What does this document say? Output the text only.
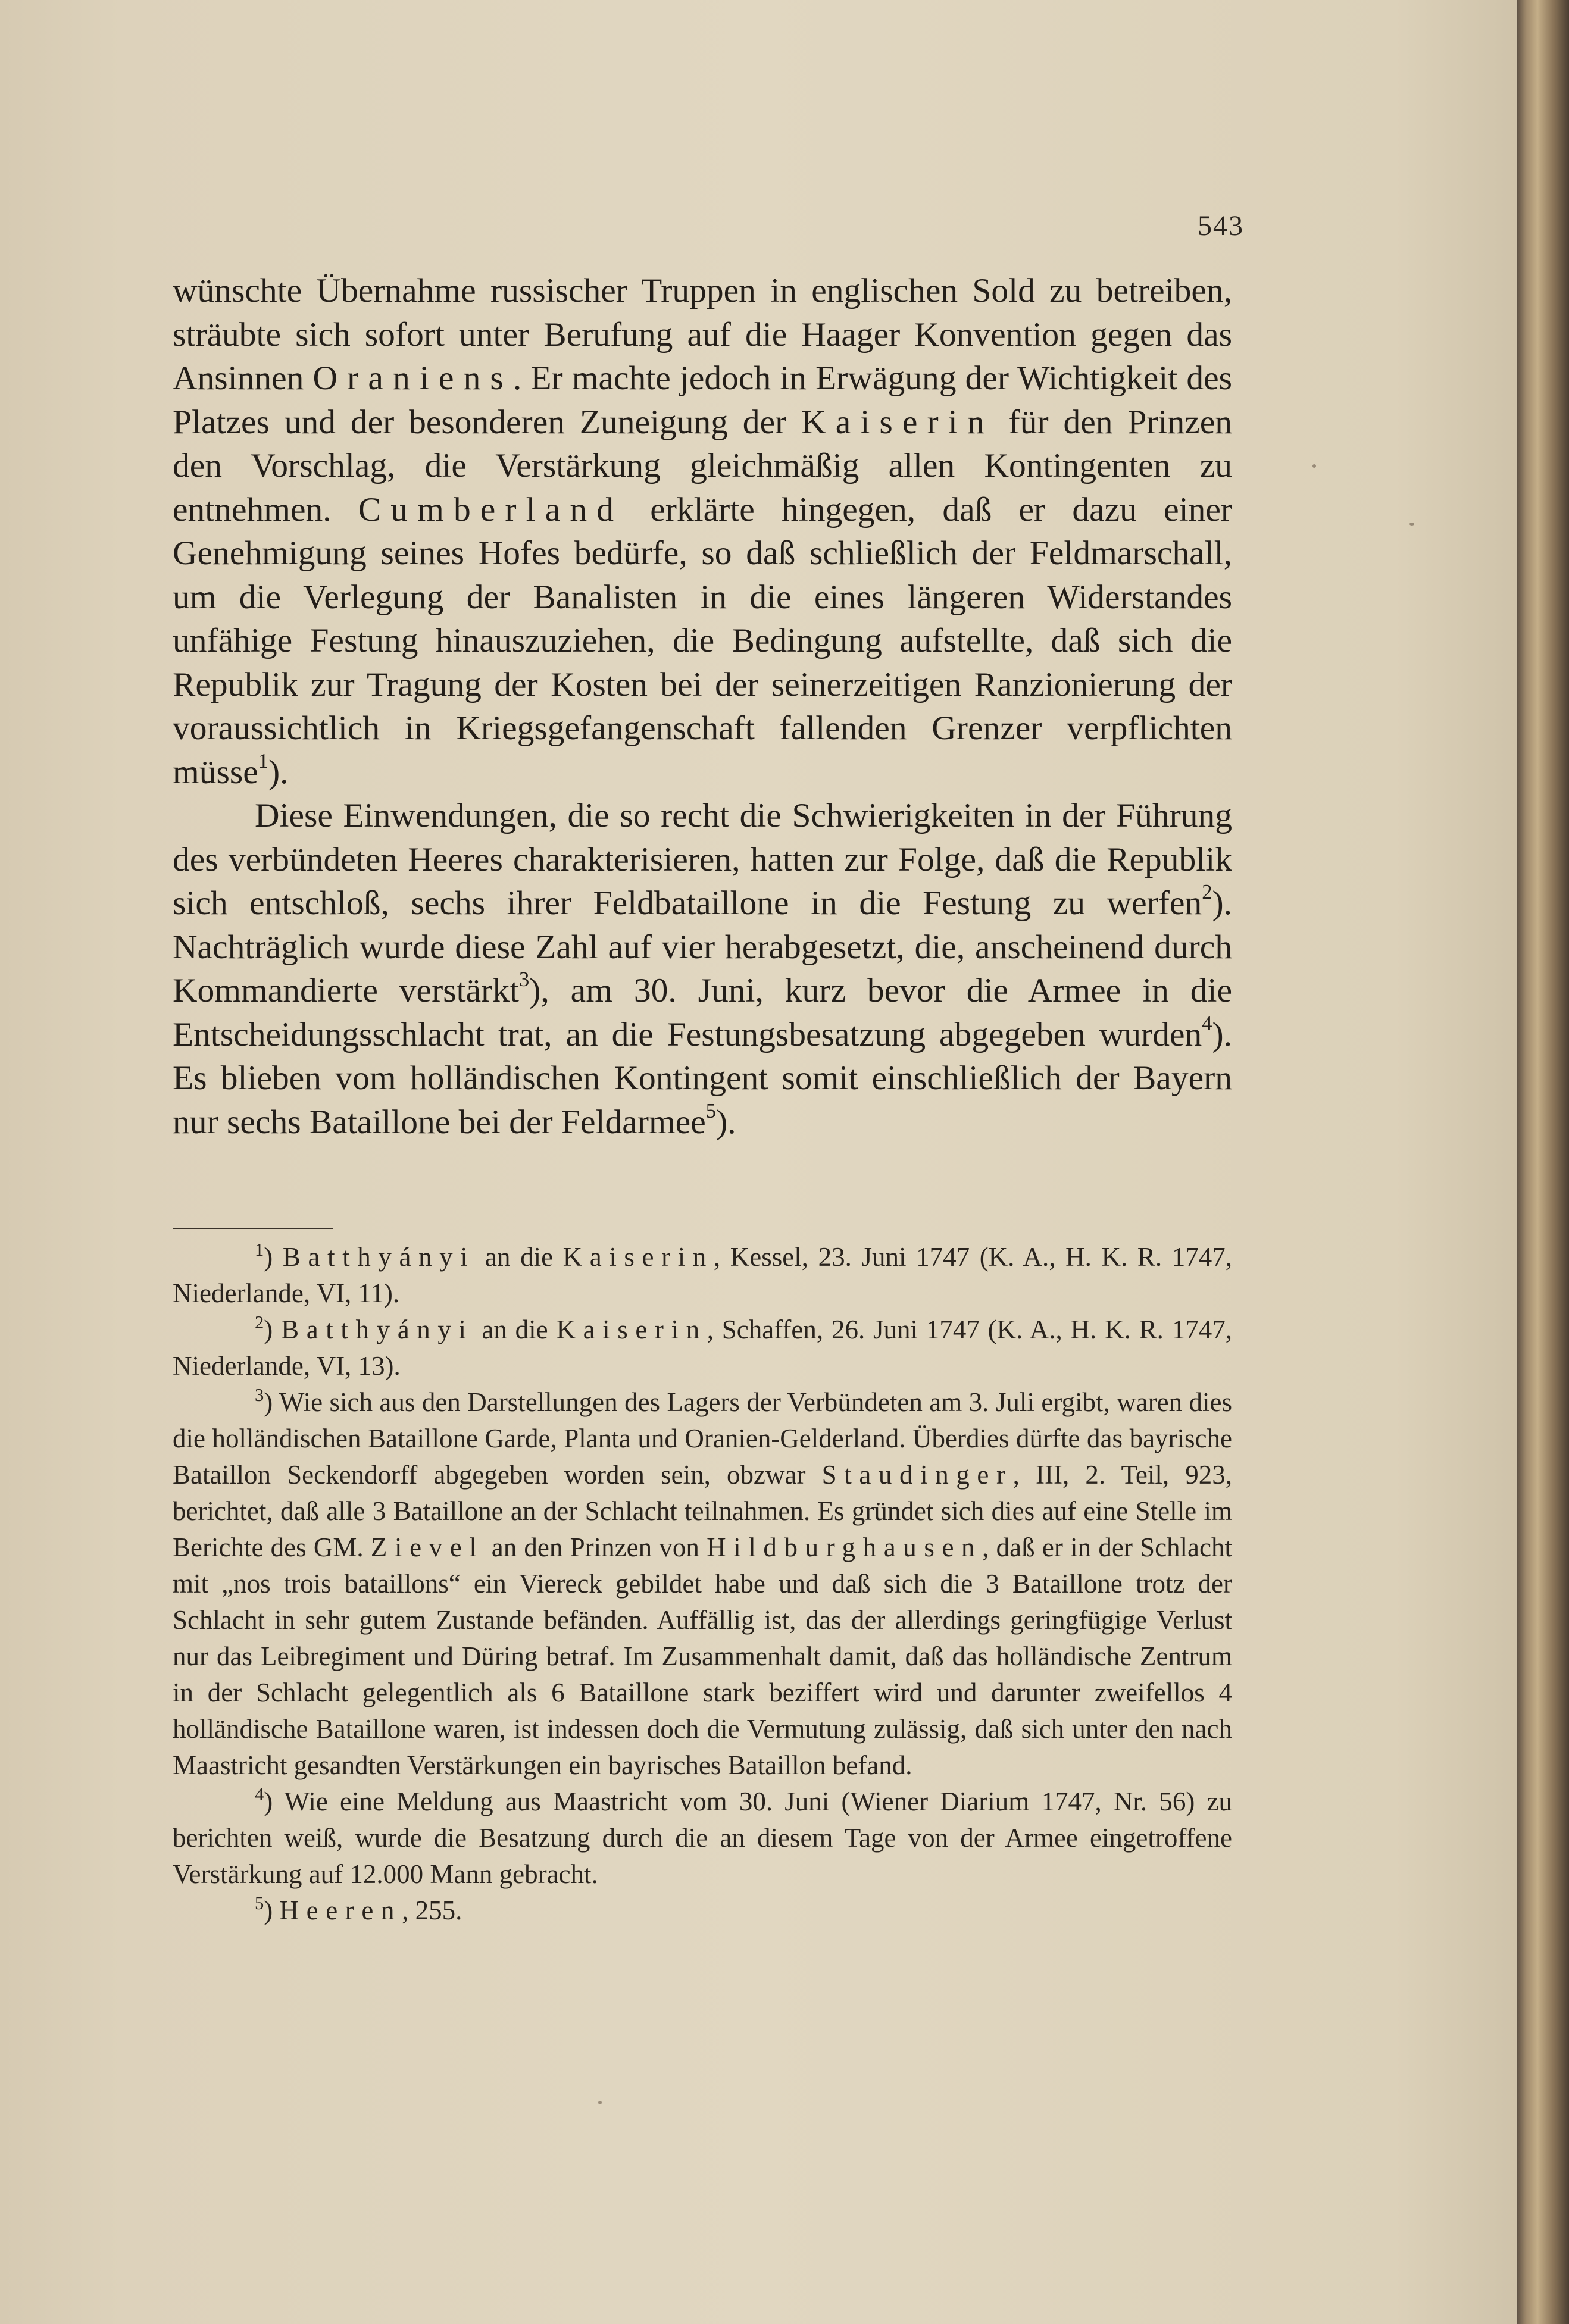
543

wünschte Übernahme russischer Truppen in englischen Sold zu betreiben, sträubte sich sofort unter Berufung auf die Haager Konvention gegen das Ansinnen Oraniens. Er machte jedoch in Erwägung der Wichtigkeit des Platzes und der besonderen Zuneigung der Kaiserin für den Prinzen den Vorschlag, die Verstärkung gleichmäßig allen Kontingenten zu entnehmen. Cumberland erklärte hingegen, daß er dazu einer Genehmigung seines Hofes bedürfe, so daß schließlich der Feldmarschall, um die Verlegung der Banalisten in die eines längeren Widerstandes unfähige Festung hinauszuziehen, die Bedingung aufstellte, daß sich die Republik zur Tragung der Kosten bei der seinerzeitigen Ranzionierung der voraussichtlich in Kriegsgefangenschaft fallenden Grenzer verpflichten müsse$^1$).

Diese Einwendungen, die so recht die Schwierigkeiten in der Führung des verbündeten Heeres charakterisieren, hatten zur Folge, daß die Republik sich entschloß, sechs ihrer Feldbataillone in die Festung zu werfen$^2$). Nachträglich wurde diese Zahl auf vier herabgesetzt, die, anscheinend durch Kommandierte verstärkt$^3$), am 30. Juni, kurz bevor die Armee in die Entscheidungsschlacht trat, an die Festungsbesatzung abgegeben wurden$^4$). Es blieben vom holländischen Kontingent somit einschließlich der Bayern nur sechs Bataillone bei der Feldarmee$^5$).

$^1$) Batthyányi an die Kaiserin, Kessel, 23. Juni 1747 (K. A., H. K. R. 1747, Niederlande, VI, 11).

$^2$) Batthyányi an die Kaiserin, Schaffen, 26. Juni 1747 (K. A., H. K. R. 1747, Niederlande, VI, 13).

$^3$) Wie sich aus den Darstellungen des Lagers der Verbündeten am 3. Juli ergibt, waren dies die holländischen Bataillone Garde, Planta und Oranien-Gelderland. Überdies dürfte das bayrische Bataillon Seckendorff abgegeben worden sein, obzwar Staudinger, III, 2. Teil, 923, berichtet, daß alle 3 Bataillone an der Schlacht teilnahmen. Es gründet sich dies auf eine Stelle im Berichte des GM. Zievel an den Prinzen von Hildburghausen, daß er in der Schlacht mit „nos trois bataillons“ ein Viereck gebildet habe und daß sich die 3 Bataillone trotz der Schlacht in sehr gutem Zustande befänden. Auffällig ist, das der allerdings geringfügige Verlust nur das Leibregiment und Düring betraf. Im Zusammenhalt damit, daß das holländische Zentrum in der Schlacht gelegentlich als 6 Bataillone stark beziffert wird und darunter zweifellos 4 holländische Bataillone waren, ist indessen doch die Vermutung zulässig, daß sich unter den nach Maastricht gesandten Verstärkungen ein bayrisches Bataillon befand.

$^4$) Wie eine Meldung aus Maastricht vom 30. Juni (Wiener Diarium 1747, Nr. 56) zu berichten weiß, wurde die Besatzung durch die an diesem Tage von der Armee eingetroffene Verstärkung auf 12.000 Mann gebracht.

$^5$) Heeren, 255.
